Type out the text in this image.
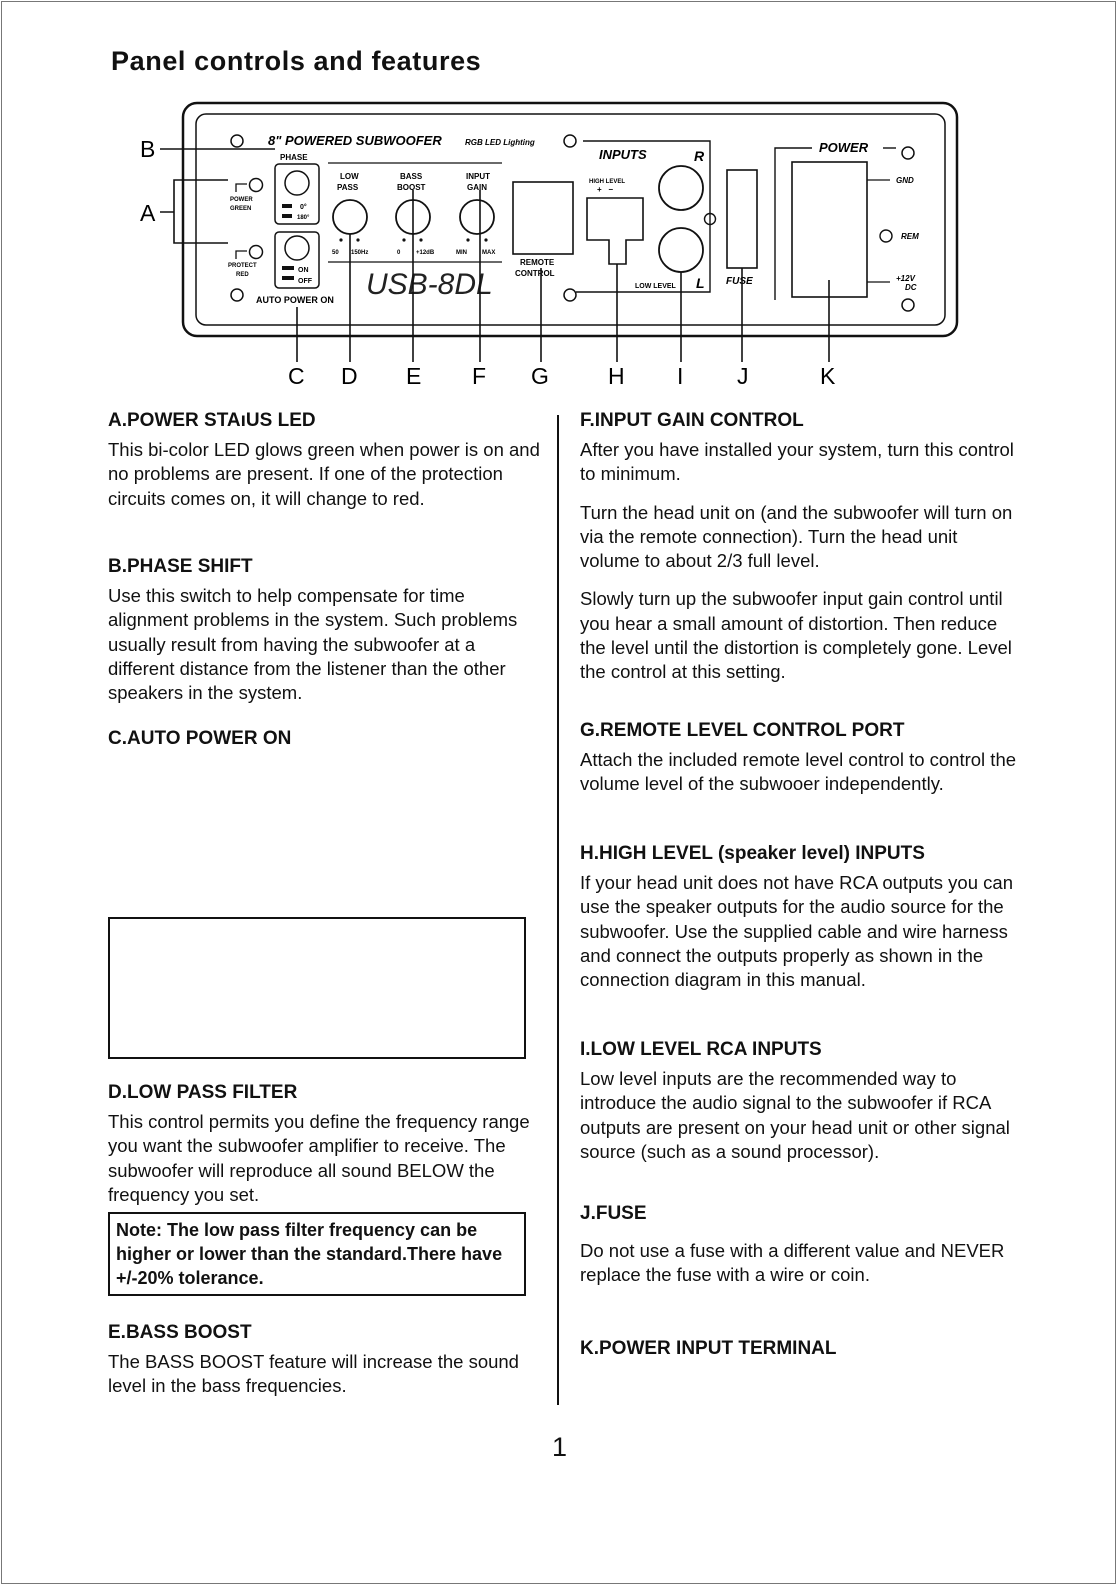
Panel controls and features
8" POWERED SUBWOOFER	RGB LED Lighting
PHASE
0°
180°
ON
OFF
AUTO POWER ON
POWER
GREEN
PROTECT
RED
LOW
PASS
BASS
BOOST
INPUT
GAIN
50 150Hz	0	+12dB	MIN	MAX
USB-8DL
REMOTE
CONTROL
INPUTS	R
HIGH LEVEL
+   −
LOW LEVEL L FUSE
POWER
GND
REM
+12V
DC
A
B
C D E F G	H I J	K
A.POWER STAıUS LED

This bi-color LED glows green when power is on and no problems are present. If one of the protection circuits comes on, it will change to red.

B.PHASE SHIFT

Use this switch to help compensate for time alignment problems in the system. Such problems usually result from having the subwoofer at a different distance from the listener than the other speakers in the system.

C.AUTO POWER ON
D.LOW PASS FILTER

This control permits you define the frequency range you want the subwoofer amplifier to receive. The subwoofer will reproduce all sound BELOW the frequency you set.

Note: The low pass filter frequency can be higher or lower than the standard.There have +/-20% tolerance.
E.BASS BOOST

The BASS BOOST feature will increase the sound level in the bass frequencies.

F.INPUT GAIN CONTROL

After you have installed your system, turn this control to minimum.

Turn the head unit on (and the subwoofer will turn on via the remote connection). Turn the head unit volume to about 2/3 full level.

Slowly turn up the subwoofer input gain control until you hear a small amount of distortion. Then reduce the level until the distortion is completely gone. Level the control at this setting.

G.REMOTE LEVEL CONTROL PORT

Attach the included remote level control to control the volume level of the subwooer independently.

H.HIGH LEVEL (speaker level) INPUTS

If your head unit does not have RCA outputs you can use the speaker outputs for the audio source for the subwoofer. Use the supplied cable and wire harness and connect the outputs properly as shown in the connection diagram in this manual.

I.LOW LEVEL RCA INPUTS

Low level inputs are the recommended way to introduce the audio signal to the subwoofer if RCA outputs are present on your head unit or other signal source (such as a sound processor).

J.FUSE

Do not use a fuse with a different value and NEVER replace the fuse with a wire or coin.

K.POWER INPUT TERMINAL
1
